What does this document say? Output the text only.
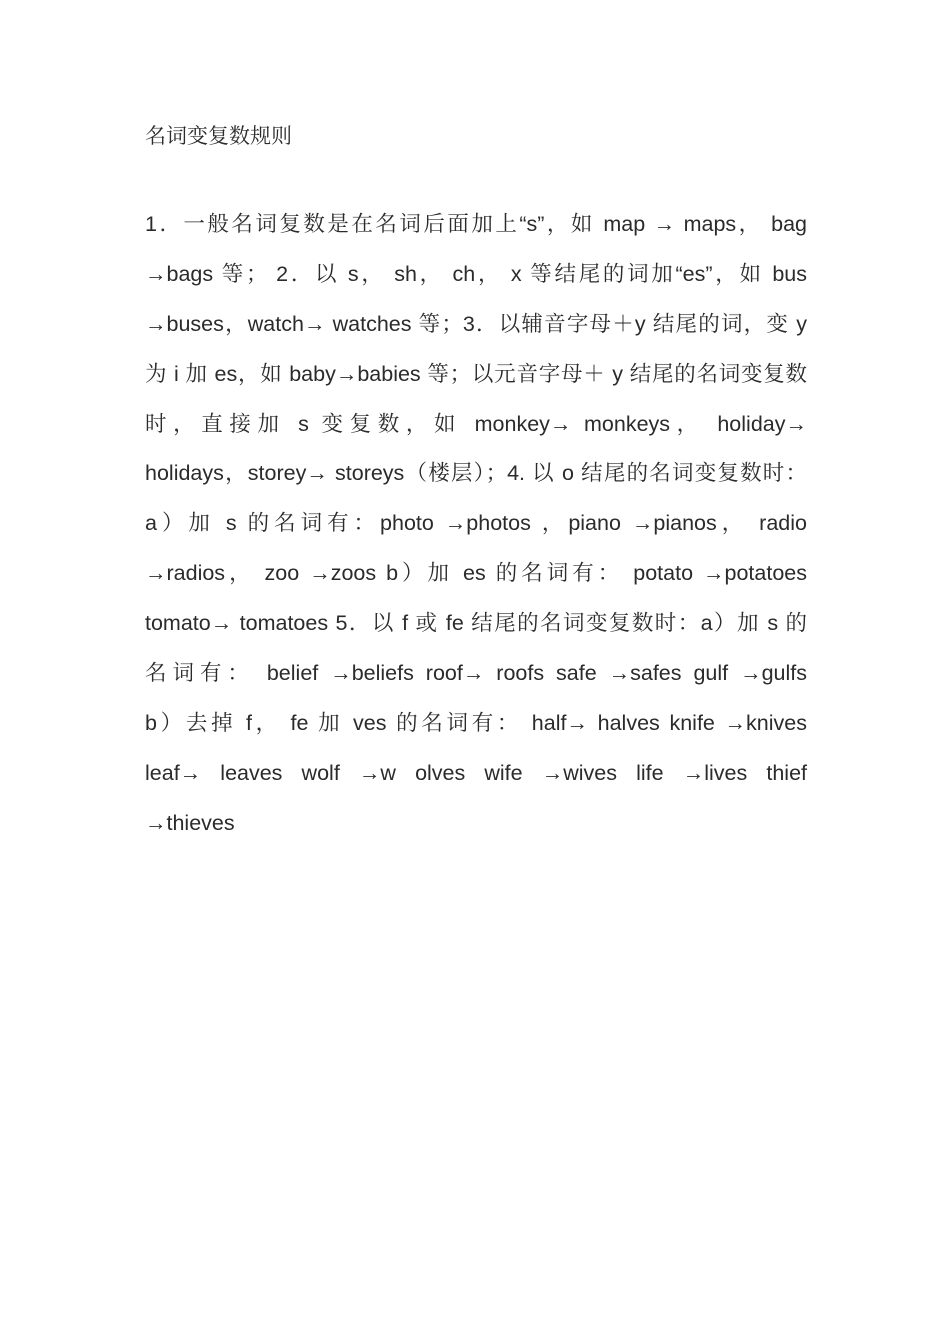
名词变复数规则
1．一般名词复数是在名词后面加上“s”，如 map → maps， bag
→bags 等； 2．以 s， sh， ch， x 等结尾的词加“es”，如 bus
→buses，watch→ watches 等；3．以辅音字母＋y 结尾的词，变 y
为 i 加 es，如 baby→babies 等；以元音字母＋ y 结尾的名词变复数
时，直接加 s 变复数，如 monkey→ monkeys， holiday→
holidays，storey→ storeys（楼层）；4. 以 o 结尾的名词变复数时：
a）加 s 的名词有：photo →photos ，piano →pianos， radio
→radios， zoo →zoos b）加 es 的名词有： potato →potatoes
tomato→ tomatoes 5．以 f 或 fe 结尾的名词变复数时：a）加 s 的
名词有： belief →beliefs roof→ roofs safe →safes gulf →gulfs
b）去掉 f， fe 加 ves 的名词有： half→ halves knife →knives
leaf→ leaves wolf →w olves wife →wives life →lives thief
→thieves
